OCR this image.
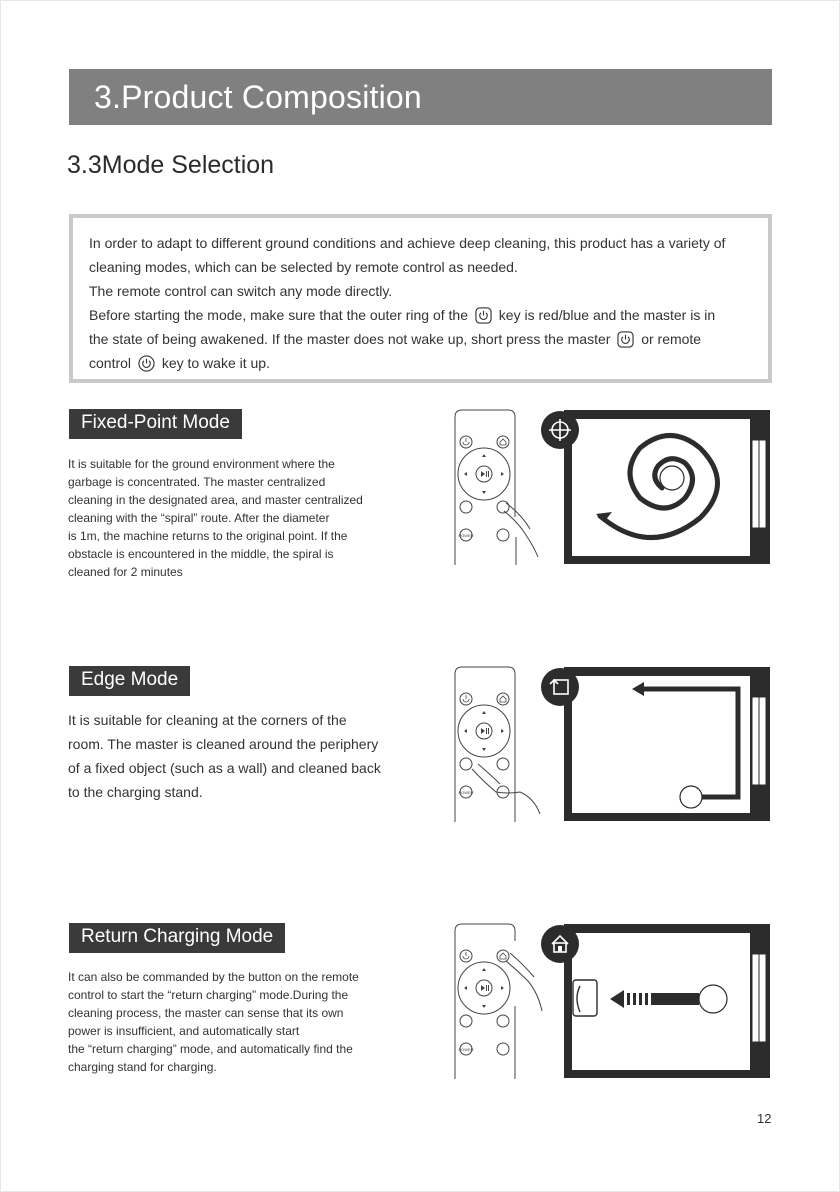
3.Product Composition
3.3Mode Selection
In order to adapt to different ground conditions and achieve deep cleaning, this product has a variety of
cleaning modes, which can be selected by remote control as needed.
The remote control can switch any mode directly.
Before starting the mode, make sure that the outer ring of the key is red/blue and the master is in
the state of being awakened. If the master does not wake up, short press the master or remote
control key to wake it up.
Fixed-Point Mode
It is suitable for the ground environment where the
garbage is concentrated. The master centralized
cleaning in the designated area, and master centralized
cleaning with the “spiral” route. After the diameter
is 1m, the machine returns to the original point. If the
obstacle is encountered in the middle, the spiral is
cleaned for 2 minutes
POWER
Edge Mode
It is suitable for cleaning at the corners of the
room. The master is cleaned around the periphery
of a fixed object (such as a wall) and cleaned back
to the charging stand.	POWER
Return Charging Mode
It can also be commanded by the button on the remote
control to start the “return charging” mode.During the
cleaning process, the master can sense that its own
power is insufficient, and automatically start
the “return charging” mode, and automatically find the
charging stand for charging.
POWER
12
